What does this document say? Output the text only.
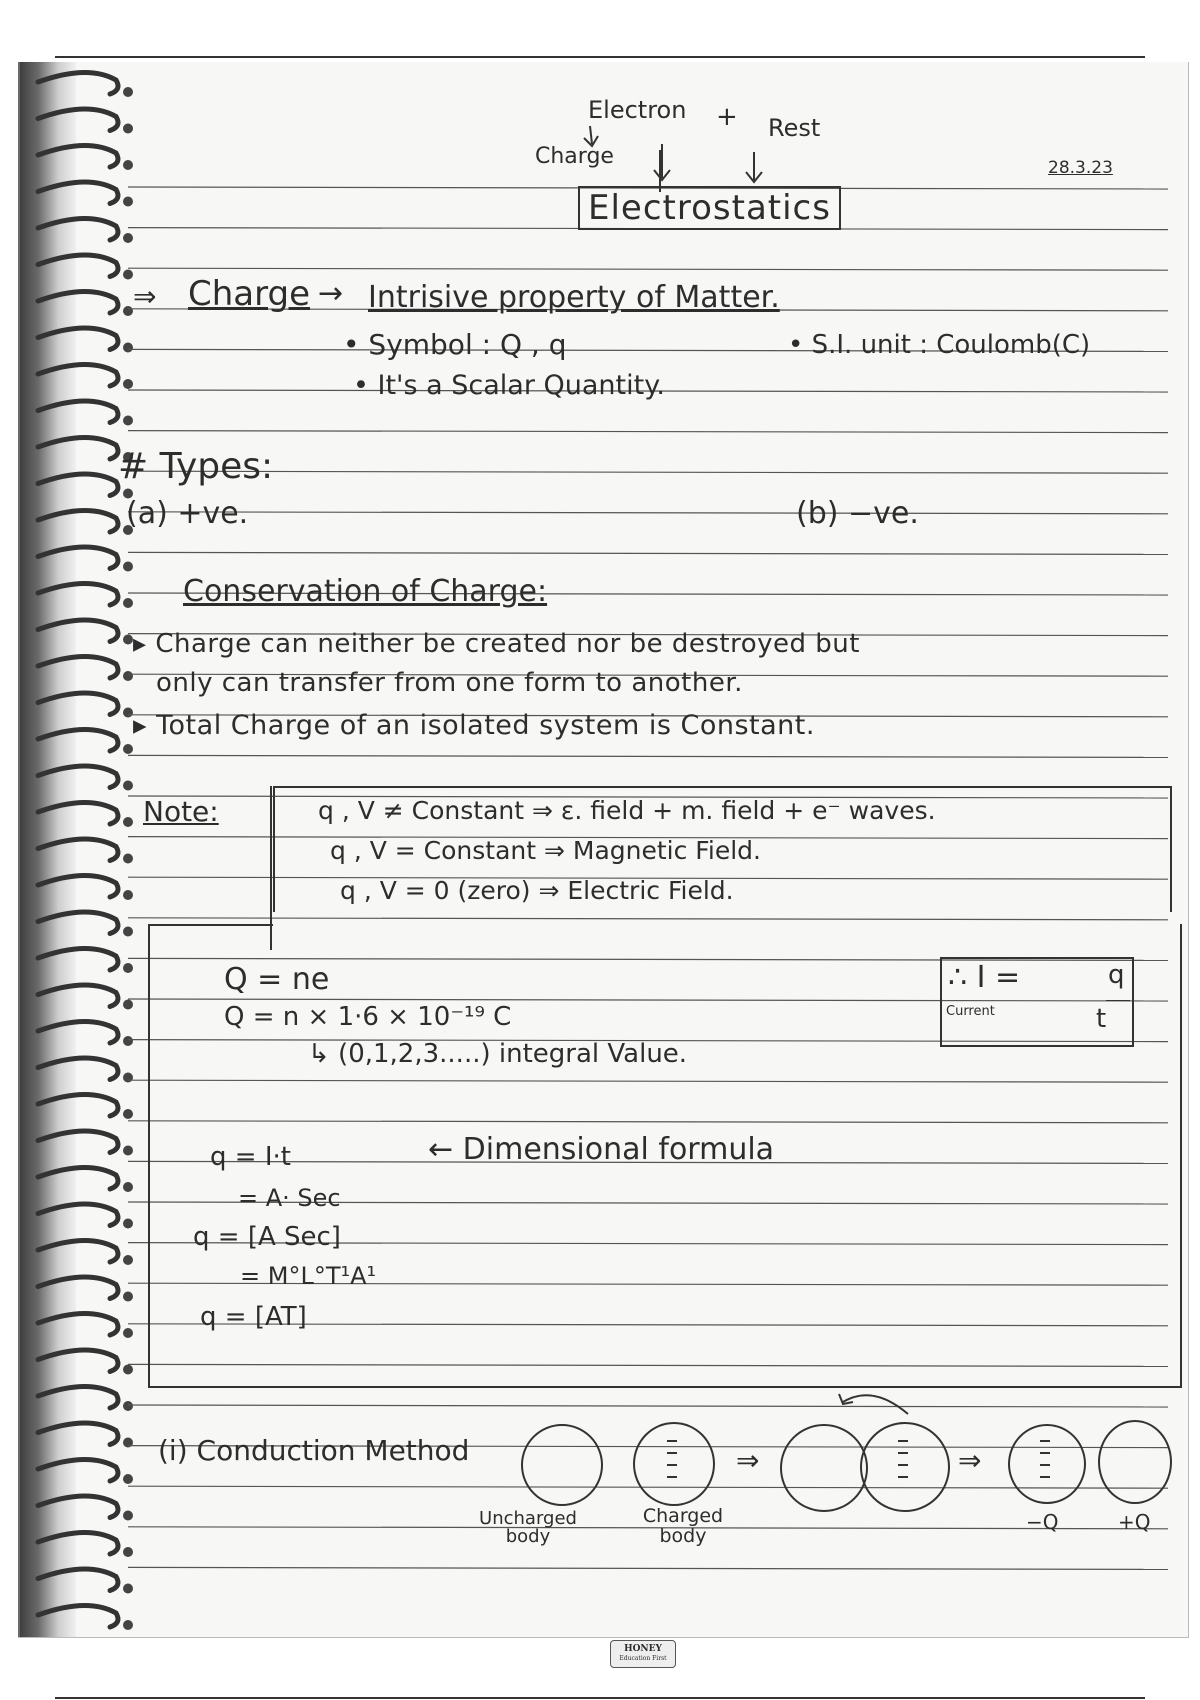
Electron + Rest
Charge	28.3.23
Electrostatics
⇒ Charge → Intrisive property of Matter.
• Symbol : Q , q	• S.I. unit : Coulomb(C)
• It's a Scalar Quantity.
# Types:
(a) +ve.	(b) −ve.
Conservation of Charge:
▸ Charge can neither be created nor be destroyed but
only can transfer from one form to another.
▸ Total Charge of an isolated system is Constant.
Note:	q , V ≠ Constant ⇒ ε. field + m. field + e⁻ waves.
q , V = Constant ⇒ Magnetic Field.
q , V = 0 (zero) ⇒ Electric Field.
Q = ne
Q = n × 1·6 × 10⁻¹⁹ C
↳ (0,1,2,3.....) integral Value.
∴ I =	q
t
Current
q = I·t	← Dimensional formula
= A· Sec
q = [A Sec]
= M°L°T¹A¹
q = [AT]
(i) Conduction Method	⇒	⇒
Uncharged body
Charged body
−Q	+Q
HONEY
Education First
